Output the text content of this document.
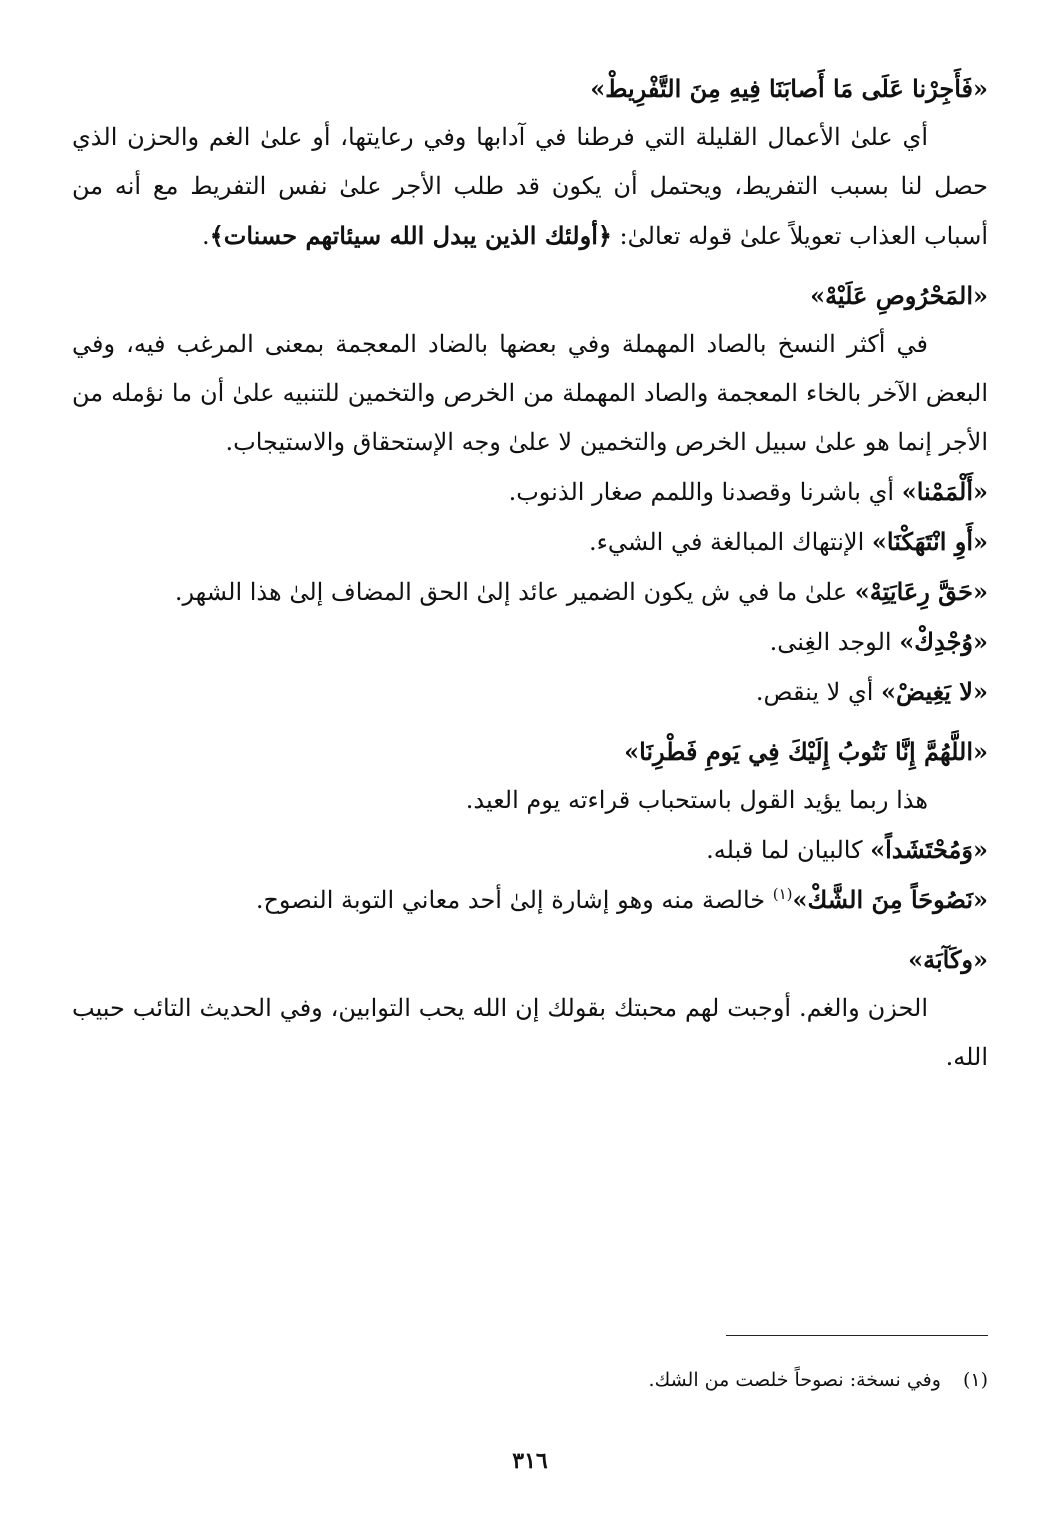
«فَأَجِرْنا عَلَى مَا أَصابَنَا فِيهِ مِنَ التَّفْرِيطْ»

أي علىٰ الأعمال القليلة التي فرطنا في آدابها وفي رعايتها، أو علىٰ الغم والحزن الذي حصل لنا بسبب التفريط، ويحتمل أن يكون قد طلب الأجر علىٰ نفس التفريط مع أنه من أسباب العذاب تعويلاً علىٰ قوله تعالىٰ: ﴿أولئك الذين يبدل الله سيئاتهم حسنات﴾.

«المَحْرُوصِ عَلَيْهْ»

في أكثر النسخ بالصاد المهملة وفي بعضها بالضاد المعجمة بمعنى المرغب فيه، وفي البعض الآخر بالخاء المعجمة والصاد المهملة من الخرص والتخمين للتنبيه علىٰ أن ما نؤمله من الأجر إنما هو علىٰ سبيل الخرص والتخمين لا علىٰ وجه الإستحقاق والاستيجاب.

«أَلْمَمْنا» أي باشرنا وقصدنا واللمم صغار الذنوب.

«أَوِ انْتَهَكْنَا» الإنتهاك المبالغة في الشيء.

«حَقَّ رِعَايَتِهْ» علىٰ ما في ش يكون الضمير عائد إلىٰ الحق المضاف إلىٰ هذا الشهر.

«وُجْدِكْ» الوجد الغِنى.

«لا يَغِيضْ» أي لا ينقص.

«اللَّهُمَّ إِنَّا نَتُوبُ إِلَيْكَ فِي يَومِ فَطْرِنَا»

هذا ربما يؤيد القول باستحباب قراءته يوم العيد.

«وَمُحْتَشَداً» كالبيان لما قبله.

«نَصُوحَاً مِنَ الشَّكْ»$^{(١)}$ خالصة منه وهو إشارة إلىٰ أحد معاني التوبة النصوح.

«وكَآبَة»

الحزن والغم. أوجبت لهم محبتك بقولك إن الله يحب التوابين، وفي الحديث التائب حبيب الله.

(١)وفي نسخة: نصوحاً خلصت من الشك.
٣١٦
